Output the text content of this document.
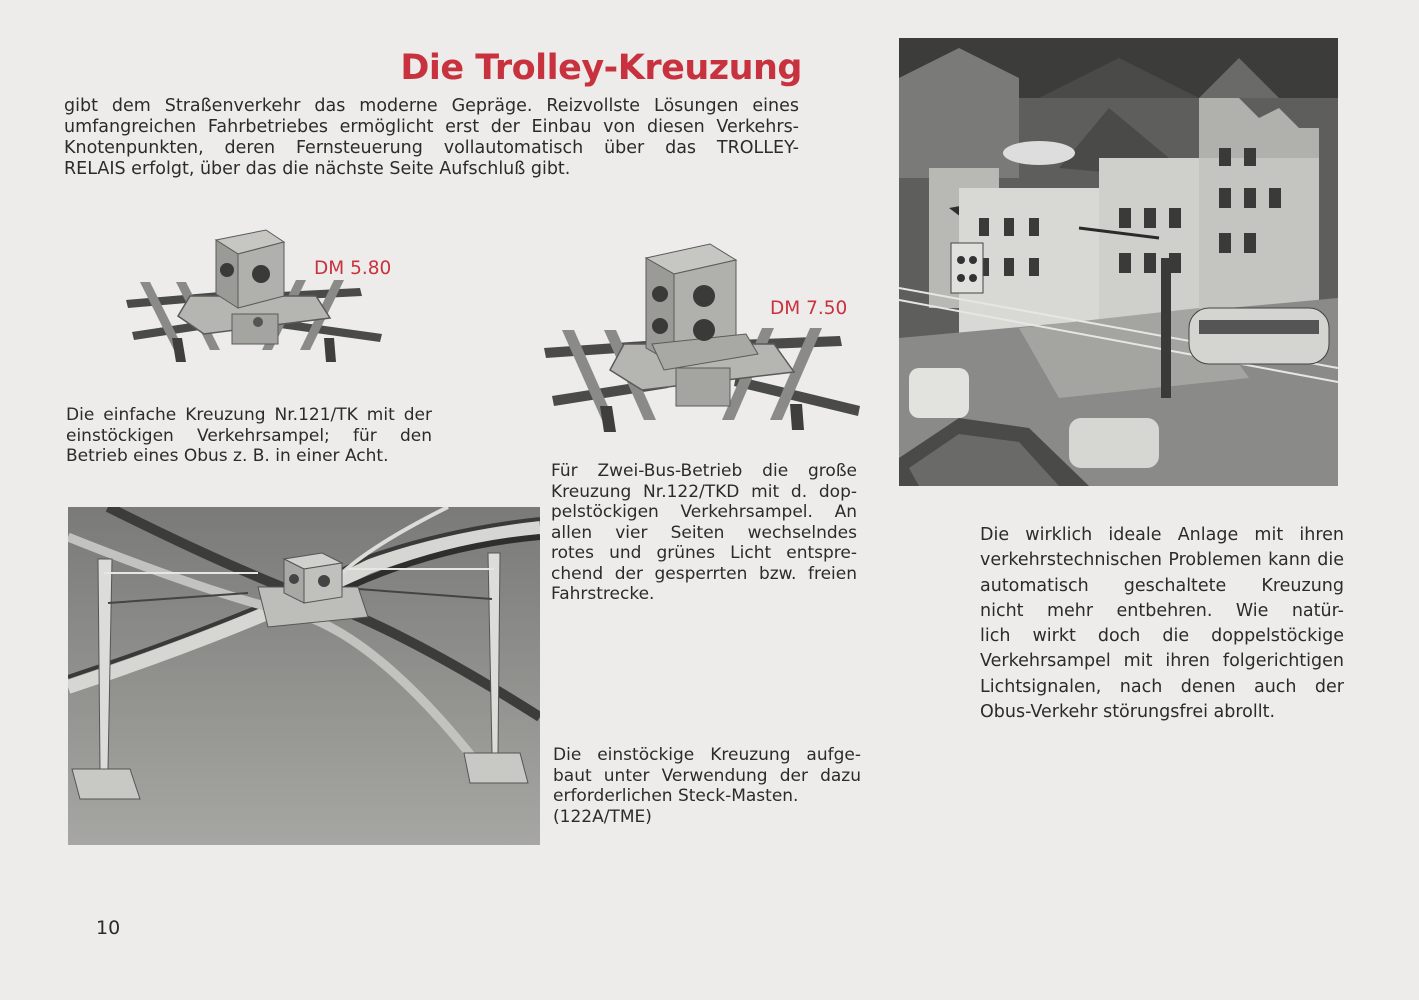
Die Trolley-Kreuzung
gibt dem Straßenverkehr das moderne Gepräge. Reizvollste Lösungen eines
umfangreichen Fahrbetriebes ermöglicht erst der Einbau von diesen Verkehrs-
Knotenpunkten, deren Fernsteuerung vollautomatisch über das TROLLEY-
RELAIS erfolgt, über das die nächste Seite Aufschluß gibt.
DM 5.80
Die einfache Kreuzung Nr.121/TK mit der
einstöckigen Verkehrsampel; für den
Betrieb eines Obus z. B. in einer Acht.
DM 7.50
Für Zwei-Bus-Betrieb die große
Kreuzung Nr.122/TKD mit d. dop-
pelstöckigen Verkehrsampel. An
allen vier Seiten wechselndes
rotes und grünes Licht entspre-
chend der gesperrten bzw. freien
Fahrstrecke.
Die einstöckige Kreuzung aufge-
baut unter Verwendung der dazu
erforderlichen Steck-Masten.
(122A/TME)
Die wirklich ideale Anlage mit ihren
verkehrstechnischen Problemen kann die
automatisch geschaltete Kreuzung
nicht mehr entbehren. Wie natür-
lich wirkt doch die doppelstöckige
Verkehrsampel mit ihren folgerichtigen
Lichtsignalen, nach denen auch der
Obus-Verkehr störungsfrei abrollt.
10
